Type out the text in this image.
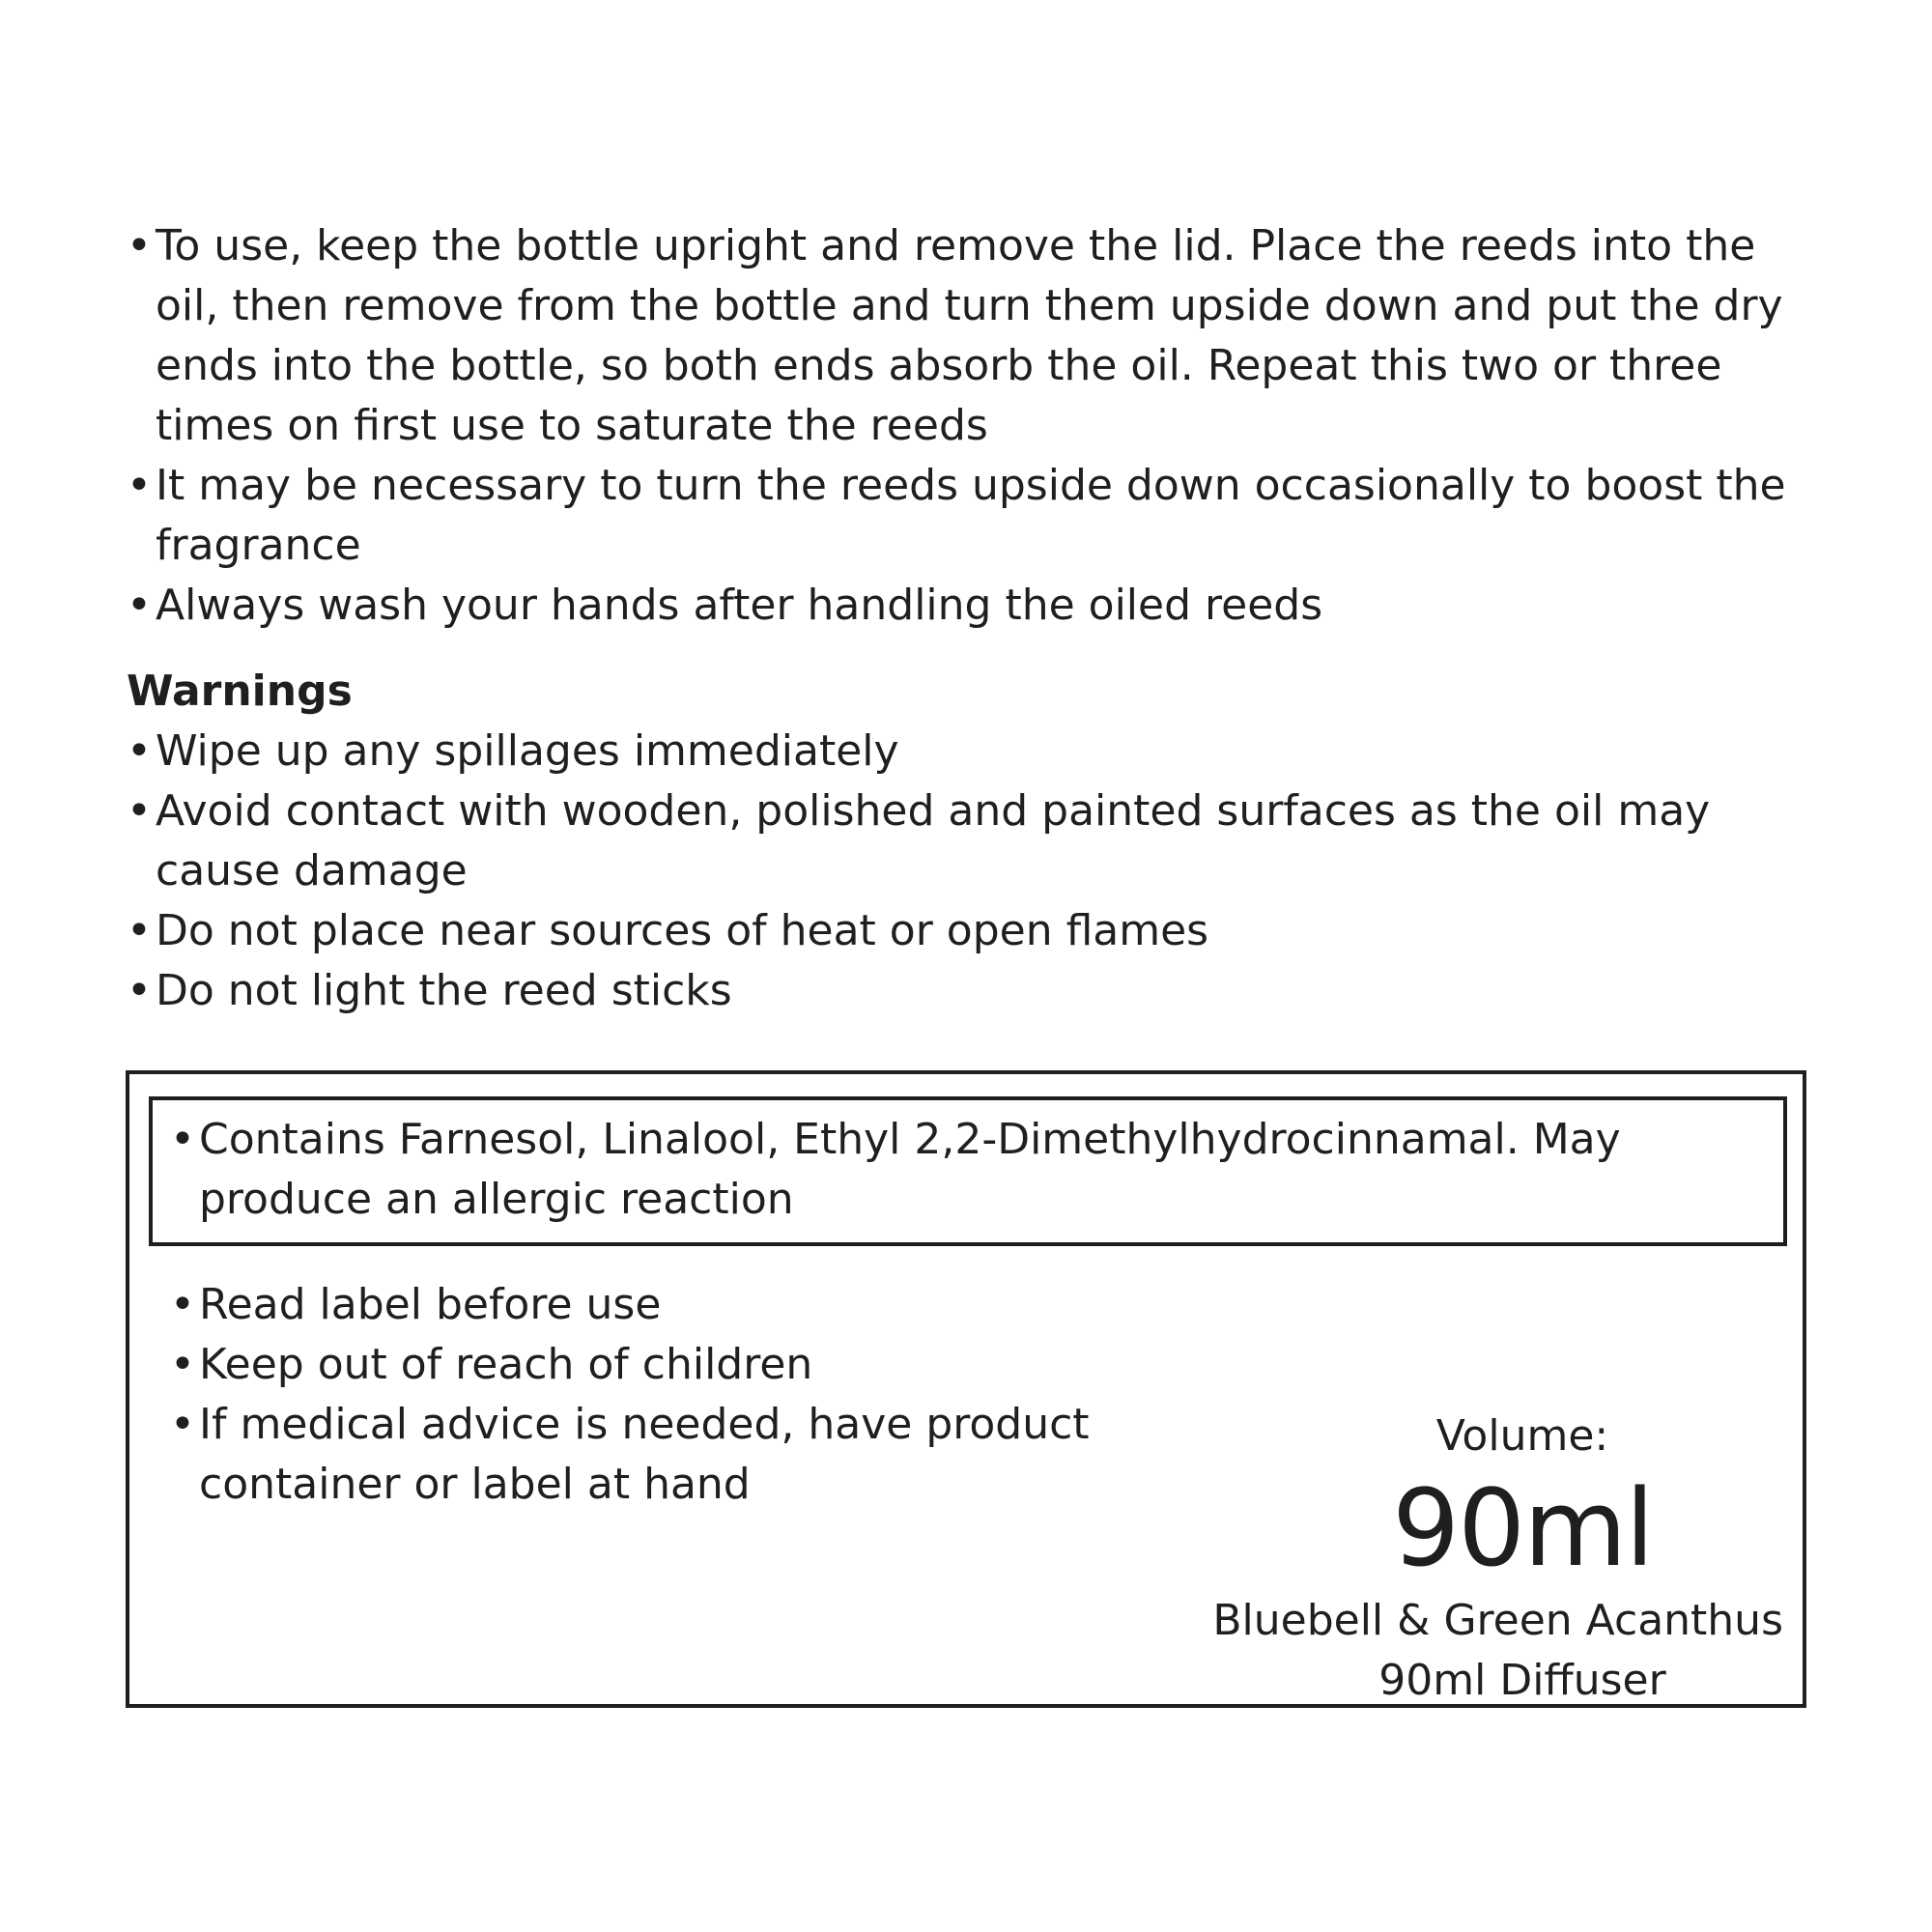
• To use, keep the bottle upright and remove the lid. Place the reeds into the oil, then remove from the bottle and turn them upside down and put the dry ends into the bottle, so both ends absorb the oil. Repeat this two or three times on first use to saturate the reeds
• It may be necessary to turn the reeds upside down occasionally to boost the fragrance
• Always wash your hands after handling the oiled reeds
Warnings
• Wipe up any spillages immediately
• Avoid contact with wooden, polished and painted surfaces as the oil may cause damage
• Do not place near sources of heat or open flames
• Do not light the reed sticks
• Contains Farnesol, Linalool, Ethyl 2,2-Dimethylhydrocinnamal. May produce an allergic reaction
• Read label before use
• Keep out of reach of children
• If medical advice is needed, have product container or label at hand
Volume:
90ml
Bluebell & Green Acanthus
90ml Diffuser
